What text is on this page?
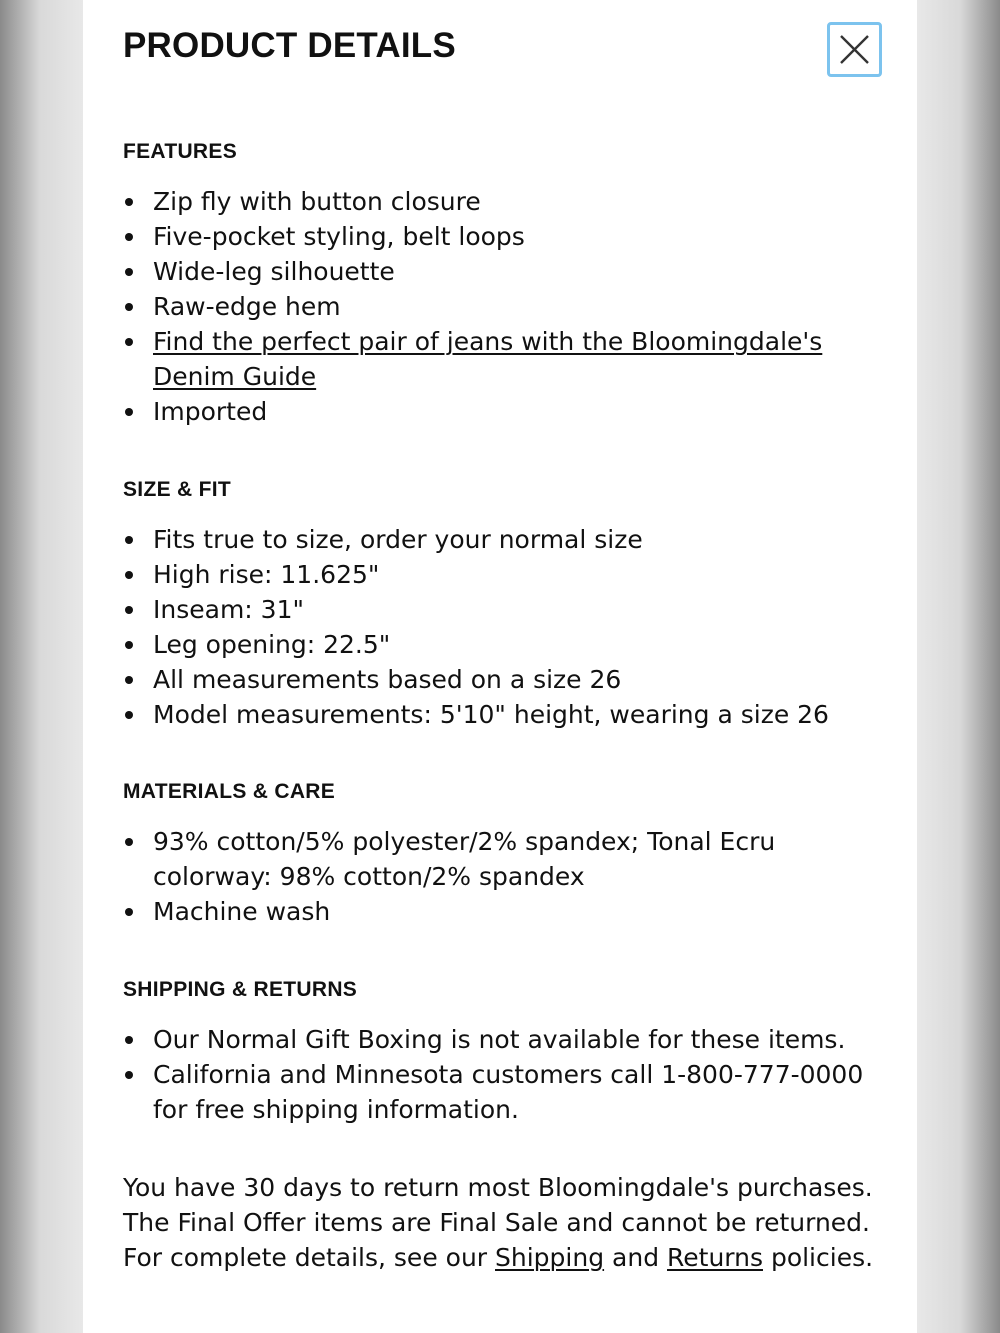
PRODUCT DETAILS
FEATURES
Zip fly with button closure
Five-pocket styling, belt loops
Wide-leg silhouette
Raw-edge hem
Find the perfect pair of jeans with the Bloomingdale's Denim Guide
Imported
SIZE & FIT
Fits true to size, order your normal size
High rise: 11.625"
Inseam: 31"
Leg opening: 22.5"
All measurements based on a size 26
Model measurements: 5'10" height, wearing a size 26
MATERIALS & CARE
93% cotton/5% polyester/2% spandex; Tonal Ecru colorway: 98% cotton/2% spandex
Machine wash
SHIPPING & RETURNS
Our Normal Gift Boxing is not available for these items.
California and Minnesota customers call 1-800-777-0000 for free shipping information.

You have 30 days to return most Bloomingdale's purchases. The Final Offer items are Final Sale and cannot be returned. For complete details, see our Shipping and Returns policies.
